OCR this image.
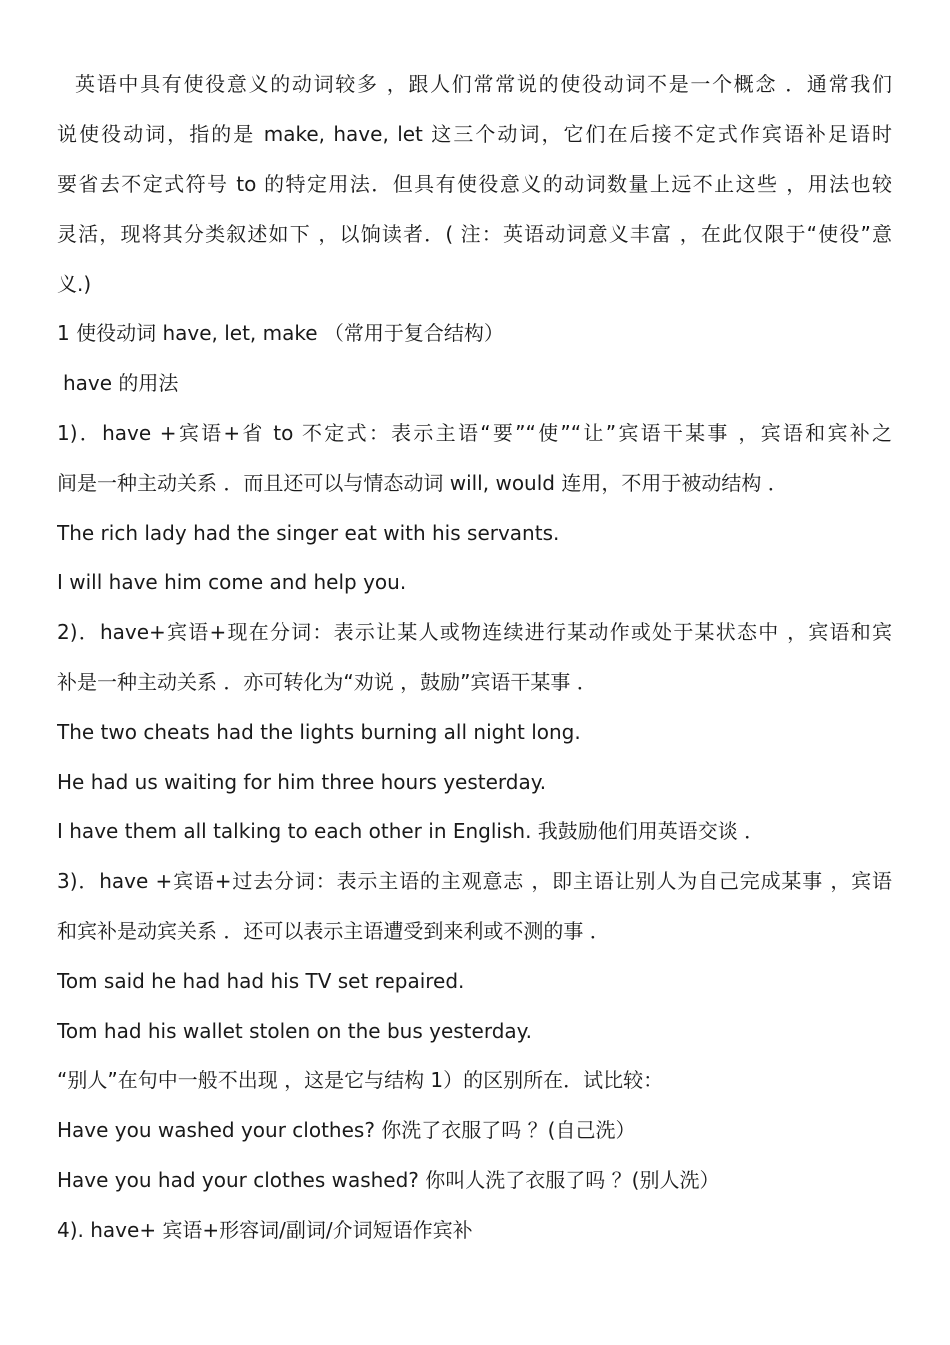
英语中具有使役意义的动词较多 ，跟人们常常说的使役动词不是一个概念 ．通常我们
说使役动词，指的是 make, have, let 这三个动词，它们在后接不定式作宾语补足语时
要省去不定式符号 to 的特定用法．但具有使役意义的动词数量上远不止这些 ，用法也较
灵活，现将其分类叙述如下 ，以饷读者．( 注：英语动词意义丰富 ，在此仅限于“使役”意
义.)
1 使役动词 have, let, make （常用于复合结构）
have 的用法
1)．have +宾语+省 to 不定式：表示主语“要”“使”“让”宾语干某事 ，宾语和宾补之
间是一种主动关系 ．而且还可以与情态动词 will, would 连用，不用于被动结构 ．
The rich lady had the singer eat with his servants.
I will have him come and help you.
2)．have+宾语+现在分词：表示让某人或物连续进行某动作或处于某状态中 ，宾语和宾
补是一种主动关系 ．亦可转化为“劝说 ，鼓励”宾语干某事 ．
The two cheats had the lights burning all night long.
He had us waiting for him three hours yesterday.
I have them all talking to each other in English. 我鼓励他们用英语交谈 ．
3)．have +宾语+过去分词：表示主语的主观意志 ，即主语让别人为自己完成某事 ，宾语
和宾补是动宾关系 ．还可以表示主语遭受到来利或不测的事 ．
Tom said he had had his TV set repaired.
Tom had his wallet stolen on the bus yesterday.
“别人”在句中一般不出现 ，这是它与结构 1）的区别所在．试比较：
Have you washed your clothes? 你洗了衣服了吗 ？(自己洗）
Have you had your clothes washed? 你叫人洗了衣服了吗 ？(别人洗）
4). have+ 宾语+形容词/副词/介词短语作宾补
